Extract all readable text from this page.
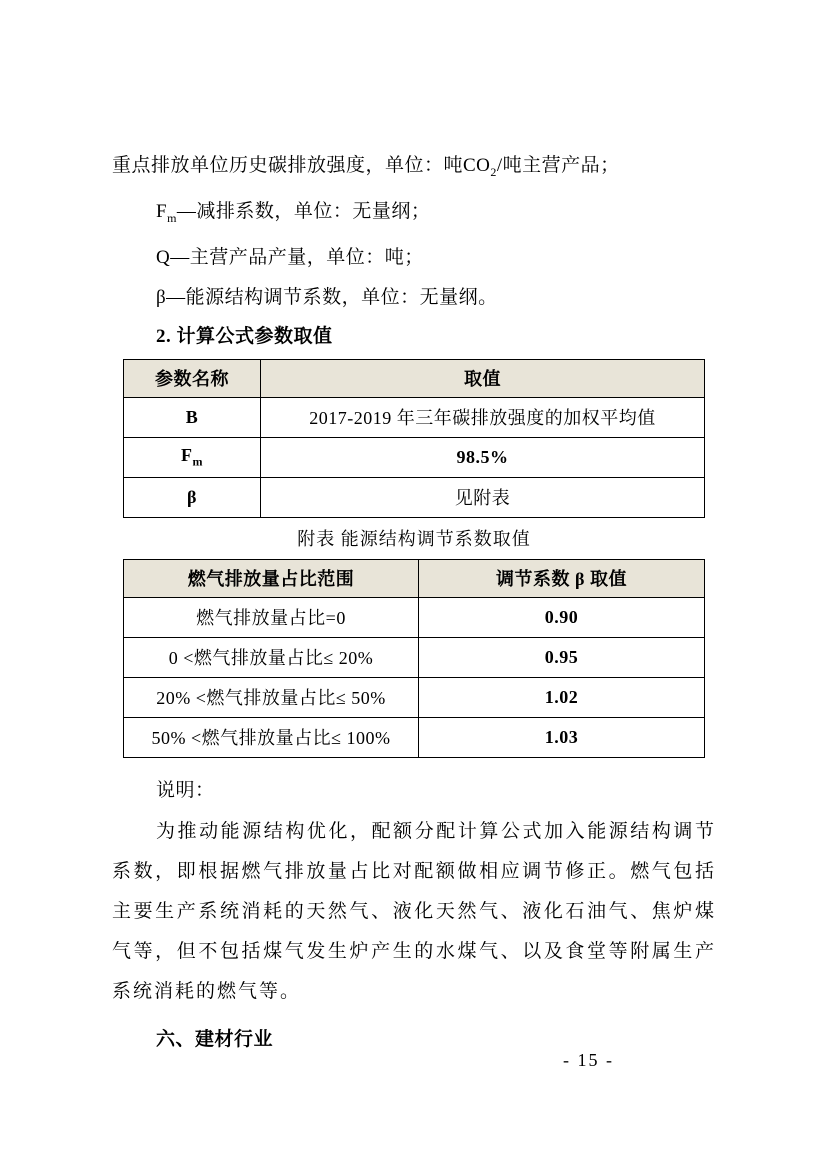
重点排放单位历史碳排放强度，单位：吨$CO_2/$吨主营产品；

$F_m—$减排系数，单位：无量纲；

Q—主营产品产量，单位：吨；

β—能源结构调节系数，单位：无量纲。

2. 计算公式参数取值

参数名称	取值
B	2017-2019 年三年碳排放强度的加权平均值
$F_m$	98.5%
β	见附表

附表 能源结构调节系数取值

燃气排放量占比范围	调节系数 β 取值
燃气排放量占比=0	0.90
0 <燃气排放量占比≤ 20%	0.95
20% <燃气排放量占比≤ 50%	1.02
50% <燃气排放量占比≤ 100%	1.03

说明：

为推动能源结构优化，配额分配计算公式加入能源结构调节系数，即根据燃气排放量占比对配额做相应调节修正。燃气包括主要生产系统消耗的天然气、液化天然气、液化石油气、焦炉煤气等，但不包括煤气发生炉产生的水煤气、以及食堂等附属生产系统消耗的燃气等。

六、建材行业

- 15 -
